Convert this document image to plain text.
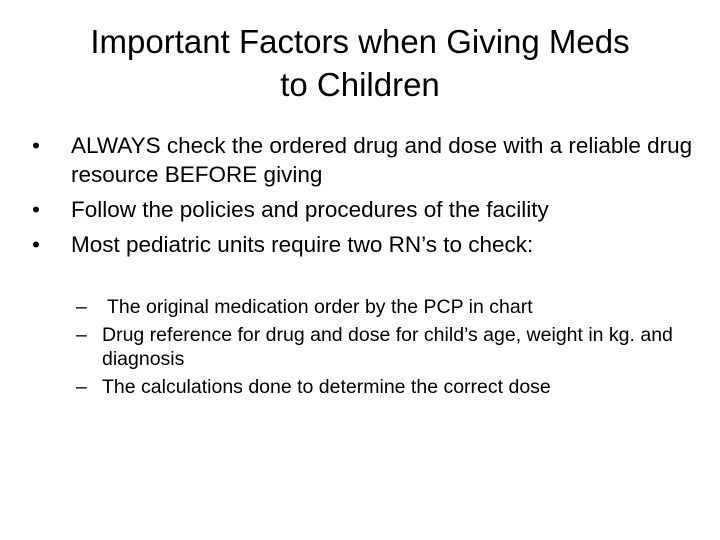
Important Factors when Giving Meds
to Children
• ALWAYS check the ordered drug and dose with a reliable drug resource BEFORE giving
• Follow the policies and procedures of the facility
• Most pediatric units require two RN’s to check:
–	The original medication order by the PCP in chart
– Drug reference for drug and dose for child’s age, weight in kg. and diagnosis
– The calculations done to determine the correct dose
